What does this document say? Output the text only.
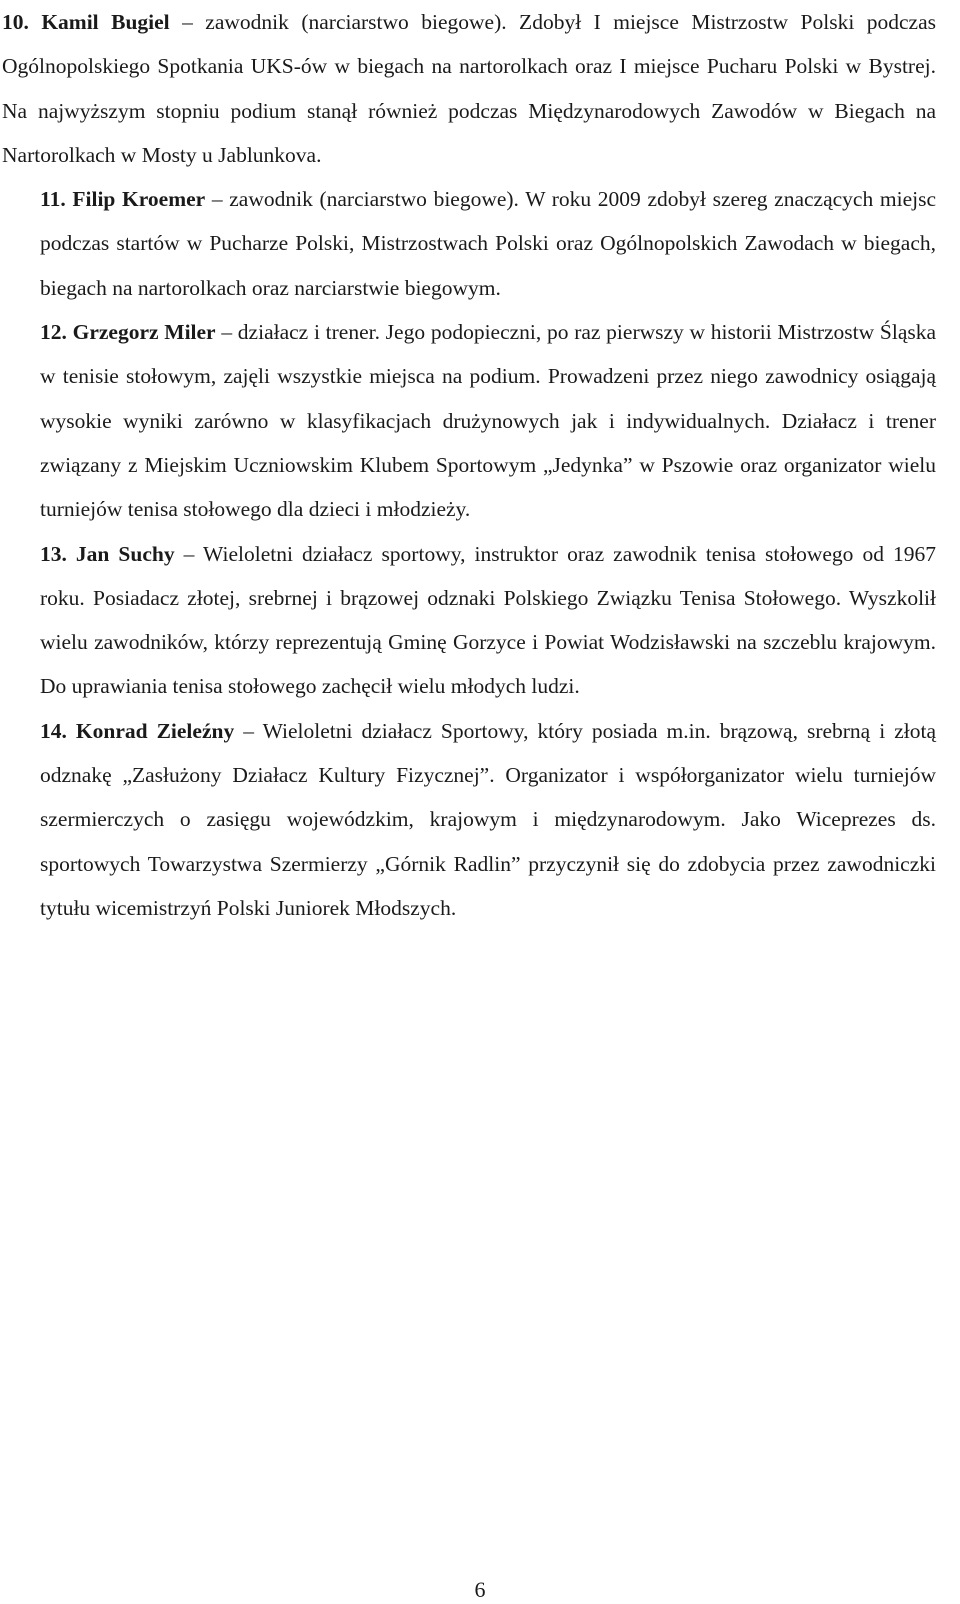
10. Kamil Bugiel – zawodnik (narciarstwo biegowe). Zdobył I miejsce Mistrzostw Polski podczas Ogólnopolskiego Spotkania UKS-ów w biegach na nartorolkach oraz I miejsce Pucharu Polski w Bystrej. Na najwyższym stopniu podium stanął również podczas Międzynarodowych Zawodów w Biegach na Nartorolkach w Mosty u Jablunkova.

11. Filip Kroemer – zawodnik (narciarstwo biegowe). W roku 2009 zdobył szereg znaczących miejsc podczas startów w Pucharze Polski, Mistrzostwach Polski oraz Ogólnopolskich Zawodach w biegach, biegach na nartorolkach oraz narciarstwie biegowym.

12. Grzegorz Miler – działacz i trener. Jego podopieczni, po raz pierwszy w historii Mistrzostw Śląska w tenisie stołowym, zajęli wszystkie miejsca na podium. Prowadzeni przez niego zawodnicy osiągają wysokie wyniki zarówno w klasyfikacjach drużynowych jak i indywidualnych. Działacz i trener związany z Miejskim Uczniowskim Klubem Sportowym „Jedynka” w Pszowie oraz organizator wielu turniejów tenisa stołowego dla dzieci i młodzieży.

13. Jan Suchy – Wieloletni działacz sportowy, instruktor oraz zawodnik tenisa stołowego od 1967 roku. Posiadacz złotej, srebrnej i brązowej odznaki Polskiego Związku Tenisa Stołowego. Wyszkolił wielu zawodników, którzy reprezentują Gminę Gorzyce i Powiat Wodzisławski na szczeblu krajowym. Do uprawiania tenisa stołowego zachęcił wielu młodych ludzi.

14. Konrad Zieleźny – Wieloletni działacz Sportowy, który posiada m.in. brązową, srebrną i złotą odznakę „Zasłużony Działacz Kultury Fizycznej”. Organizator i współorganizator wielu turniejów szermierczych o zasięgu wojewódzkim, krajowym i międzynarodowym. Jako Wiceprezes ds. sportowych Towarzystwa Szermierzy „Górnik Radlin” przyczynił się do zdobycia przez zawodniczki tytułu wicemistrzyń Polski Juniorek Młodszych.

6
